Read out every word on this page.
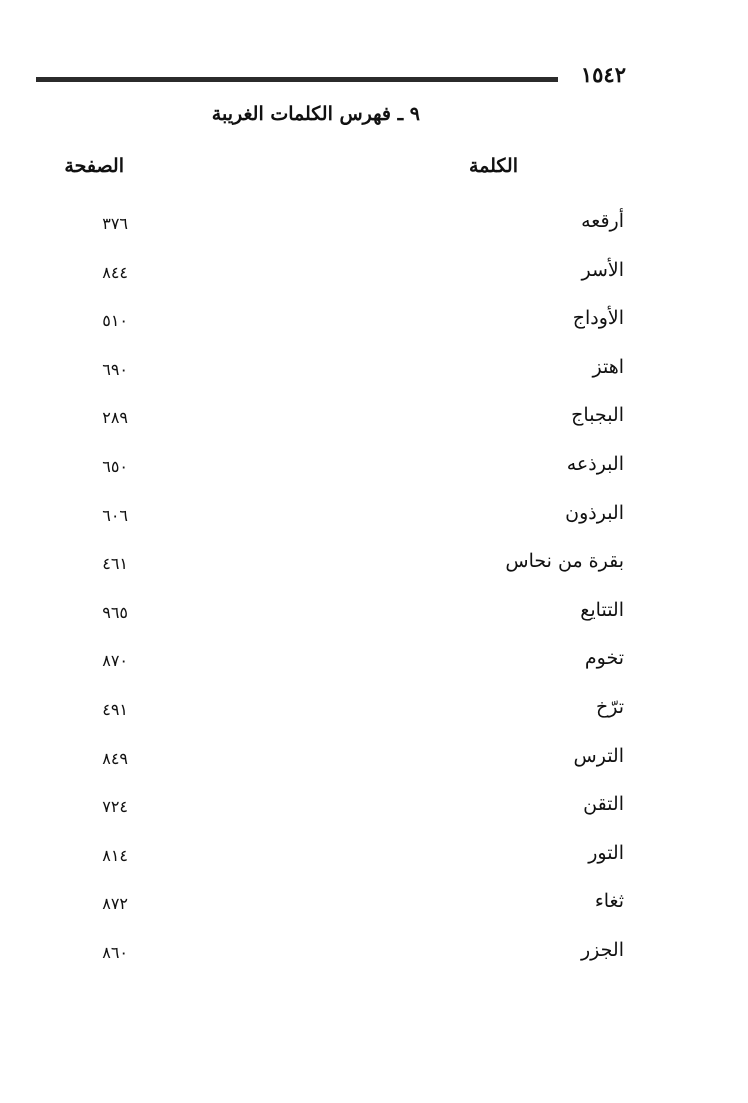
١٥٤٢
٩ ـ فهرس الكلمات الغريبة
الكلمة
الصفحة
أرقعه
٣٧٦
الأسر
٨٤٤
الأوداج
٥١٠
اهتز
٦٩٠
البجباج
٢٨٩
البرذعه
٦٥٠
البرذون
٦٠٦
بقرة من نحاس
٤٦١
التتايع
٩٦٥
تخوم
٨٧٠
ترّخ
٤٩١
الترس
٨٤٩
التقن
٧٢٤
التور
٨١٤
ثغاء
٨٧٢
الجزر
٨٦٠
